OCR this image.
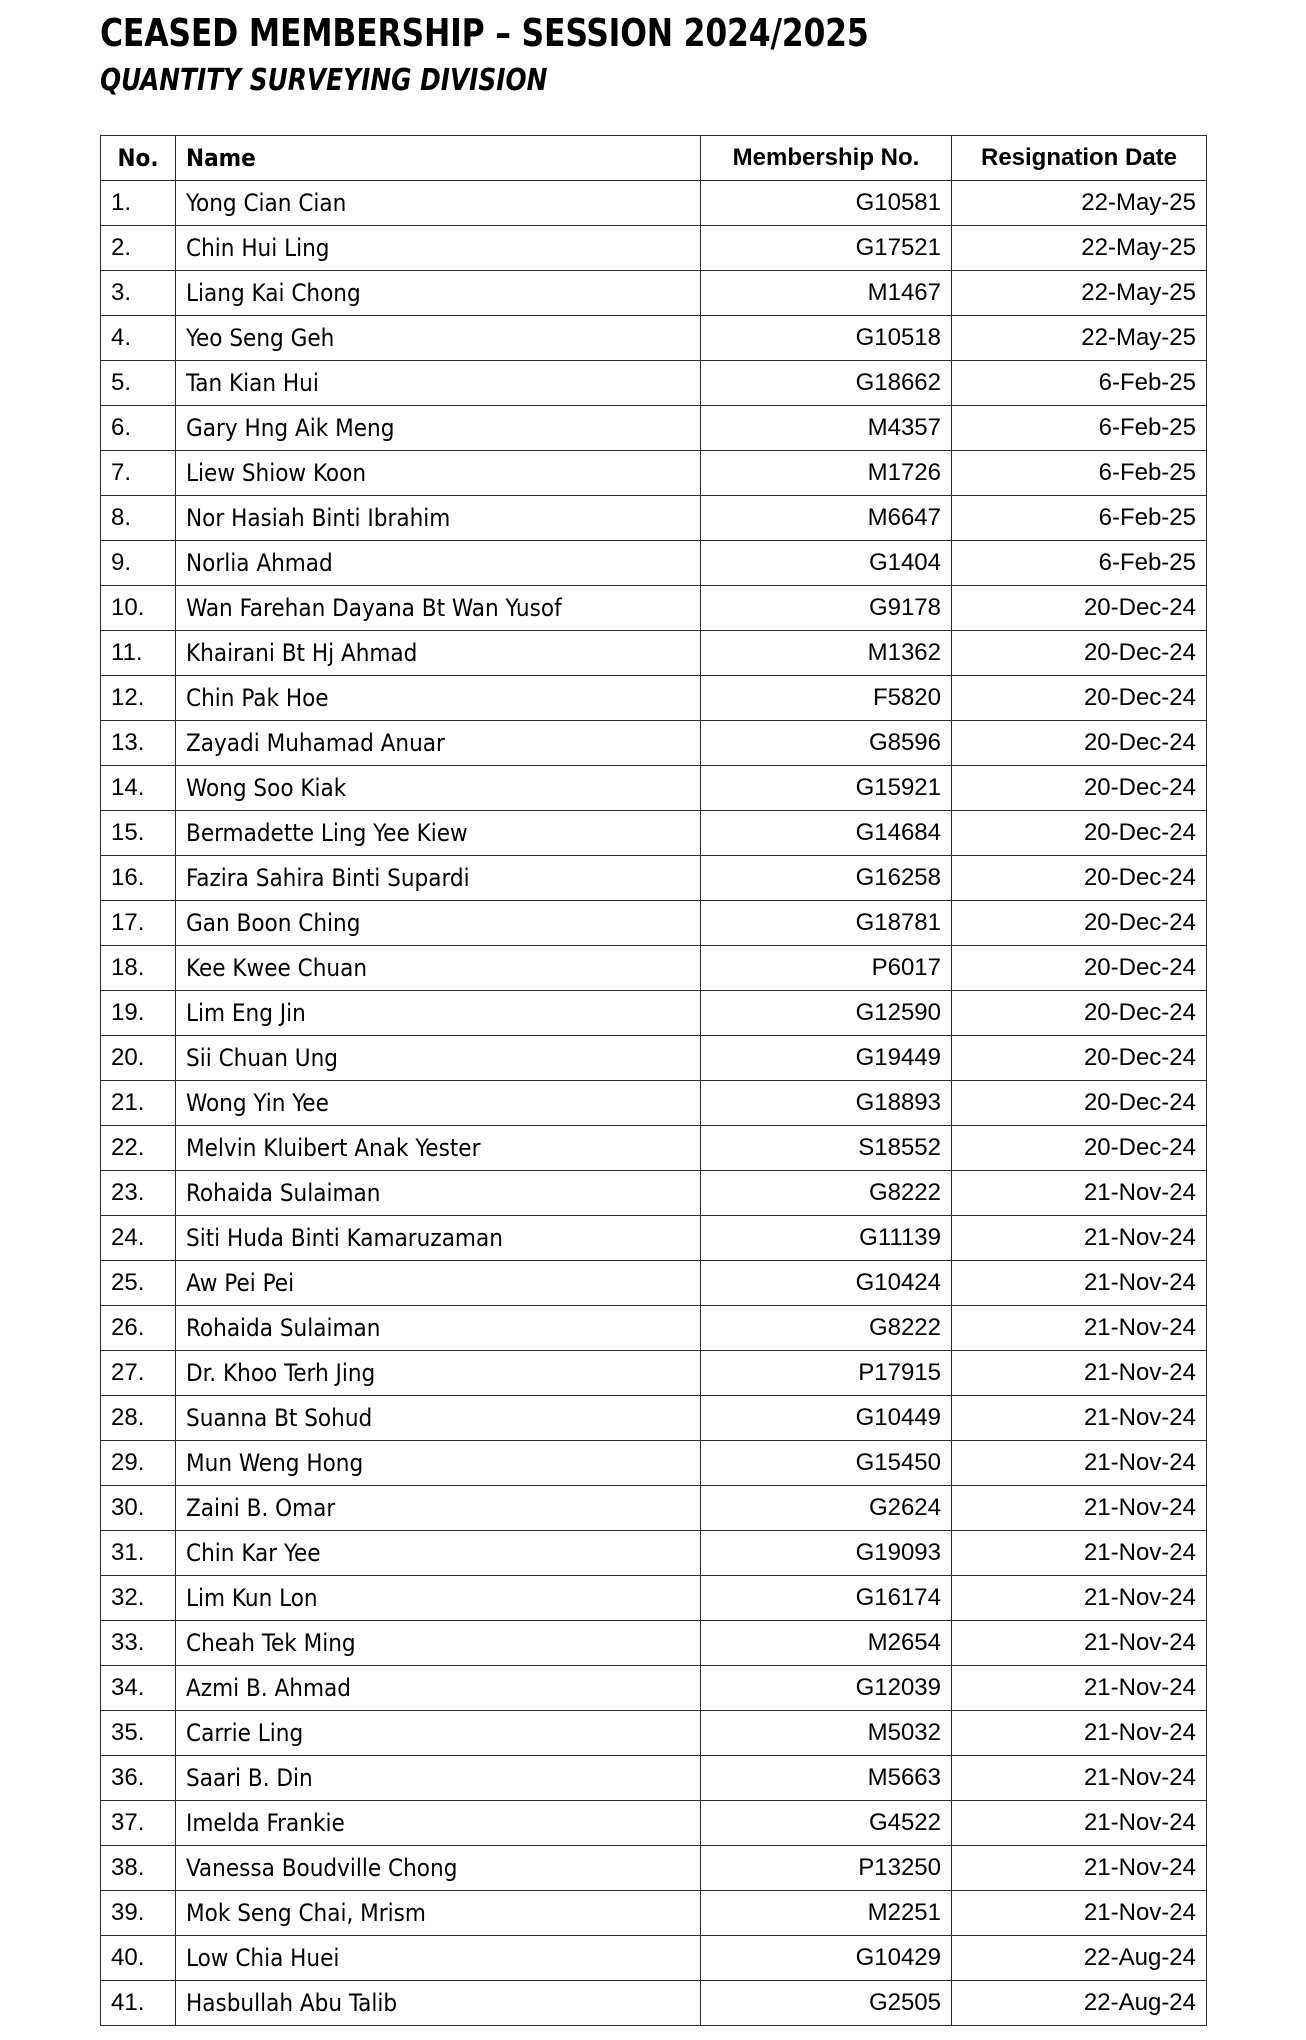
CEASED MEMBERSHIP – SESSION 2024/2025
QUANTITY SURVEYING DIVISION
No.	Name	Membership No.	Resignation Date
1.	Yong Cian Cian	G10581	22-May-25
2.	Chin Hui Ling	G17521	22-May-25
3.	Liang Kai Chong	M1467	22-May-25
4.	Yeo Seng Geh	G10518	22-May-25
5.	Tan Kian Hui	G18662	6-Feb-25
6.	Gary Hng Aik Meng	M4357	6-Feb-25
7.	Liew Shiow Koon	M1726	6-Feb-25
8.	Nor Hasiah Binti Ibrahim	M6647	6-Feb-25
9.	Norlia Ahmad	G1404	6-Feb-25
10.	Wan Farehan Dayana Bt Wan Yusof	G9178	20-Dec-24
11.	Khairani Bt Hj Ahmad	M1362	20-Dec-24
12.	Chin Pak Hoe	F5820	20-Dec-24
13.	Zayadi Muhamad Anuar	G8596	20-Dec-24
14.	Wong Soo Kiak	G15921	20-Dec-24
15.	Bermadette Ling Yee Kiew	G14684	20-Dec-24
16.	Fazira Sahira Binti Supardi	G16258	20-Dec-24
17.	Gan Boon Ching	G18781	20-Dec-24
18.	Kee Kwee Chuan	P6017	20-Dec-24
19.	Lim Eng Jin	G12590	20-Dec-24
20.	Sii Chuan Ung	G19449	20-Dec-24
21.	Wong Yin Yee	G18893	20-Dec-24
22.	Melvin Kluibert Anak Yester	S18552	20-Dec-24
23.	Rohaida Sulaiman	G8222	21-Nov-24
24.	Siti Huda Binti Kamaruzaman	G11139	21-Nov-24
25.	Aw Pei Pei	G10424	21-Nov-24
26.	Rohaida Sulaiman	G8222	21-Nov-24
27.	Dr. Khoo Terh Jing	P17915	21-Nov-24
28.	Suanna Bt Sohud	G10449	21-Nov-24
29.	Mun Weng Hong	G15450	21-Nov-24
30.	Zaini B. Omar	G2624	21-Nov-24
31.	Chin Kar Yee	G19093	21-Nov-24
32.	Lim Kun Lon	G16174	21-Nov-24
33.	Cheah Tek Ming	M2654	21-Nov-24
34.	Azmi B. Ahmad	G12039	21-Nov-24
35.	Carrie Ling	M5032	21-Nov-24
36.	Saari B. Din	M5663	21-Nov-24
37.	Imelda Frankie	G4522	21-Nov-24
38.	Vanessa Boudville Chong	P13250	21-Nov-24
39.	Mok Seng Chai, Mrism	M2251	21-Nov-24
40.	Low Chia Huei	G10429	22-Aug-24
41.	Hasbullah Abu Talib	G2505	22-Aug-24
